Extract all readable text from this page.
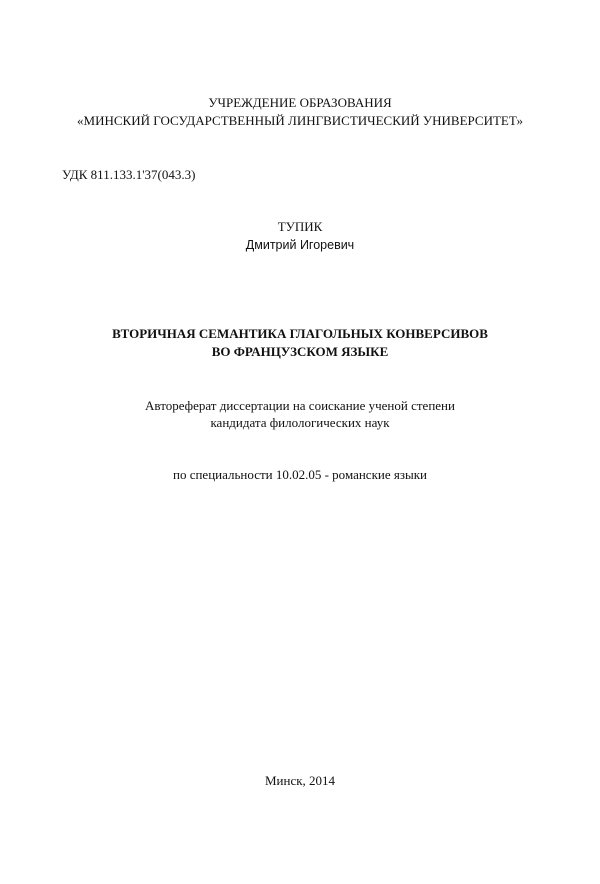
УЧРЕЖДЕНИЕ ОБРАЗОВАНИЯ
«МИНСКИЙ ГОСУДАРСТВЕННЫЙ ЛИНГВИСТИЧЕСКИЙ УНИВЕРСИТЕТ»
УДК 811.133.1'37(043.3)
ТУПИК
Дмитрий Игоревич
ВТОРИЧНАЯ СЕМАНТИКА ГЛАГОЛЬНЫХ КОНВЕРСИВОВ
ВО ФРАНЦУЗСКОМ ЯЗЫКЕ
Автореферат диссертации на соискание ученой степени
кандидата филологических наук
по специальности 10.02.05 - романские языки
Минск, 2014
